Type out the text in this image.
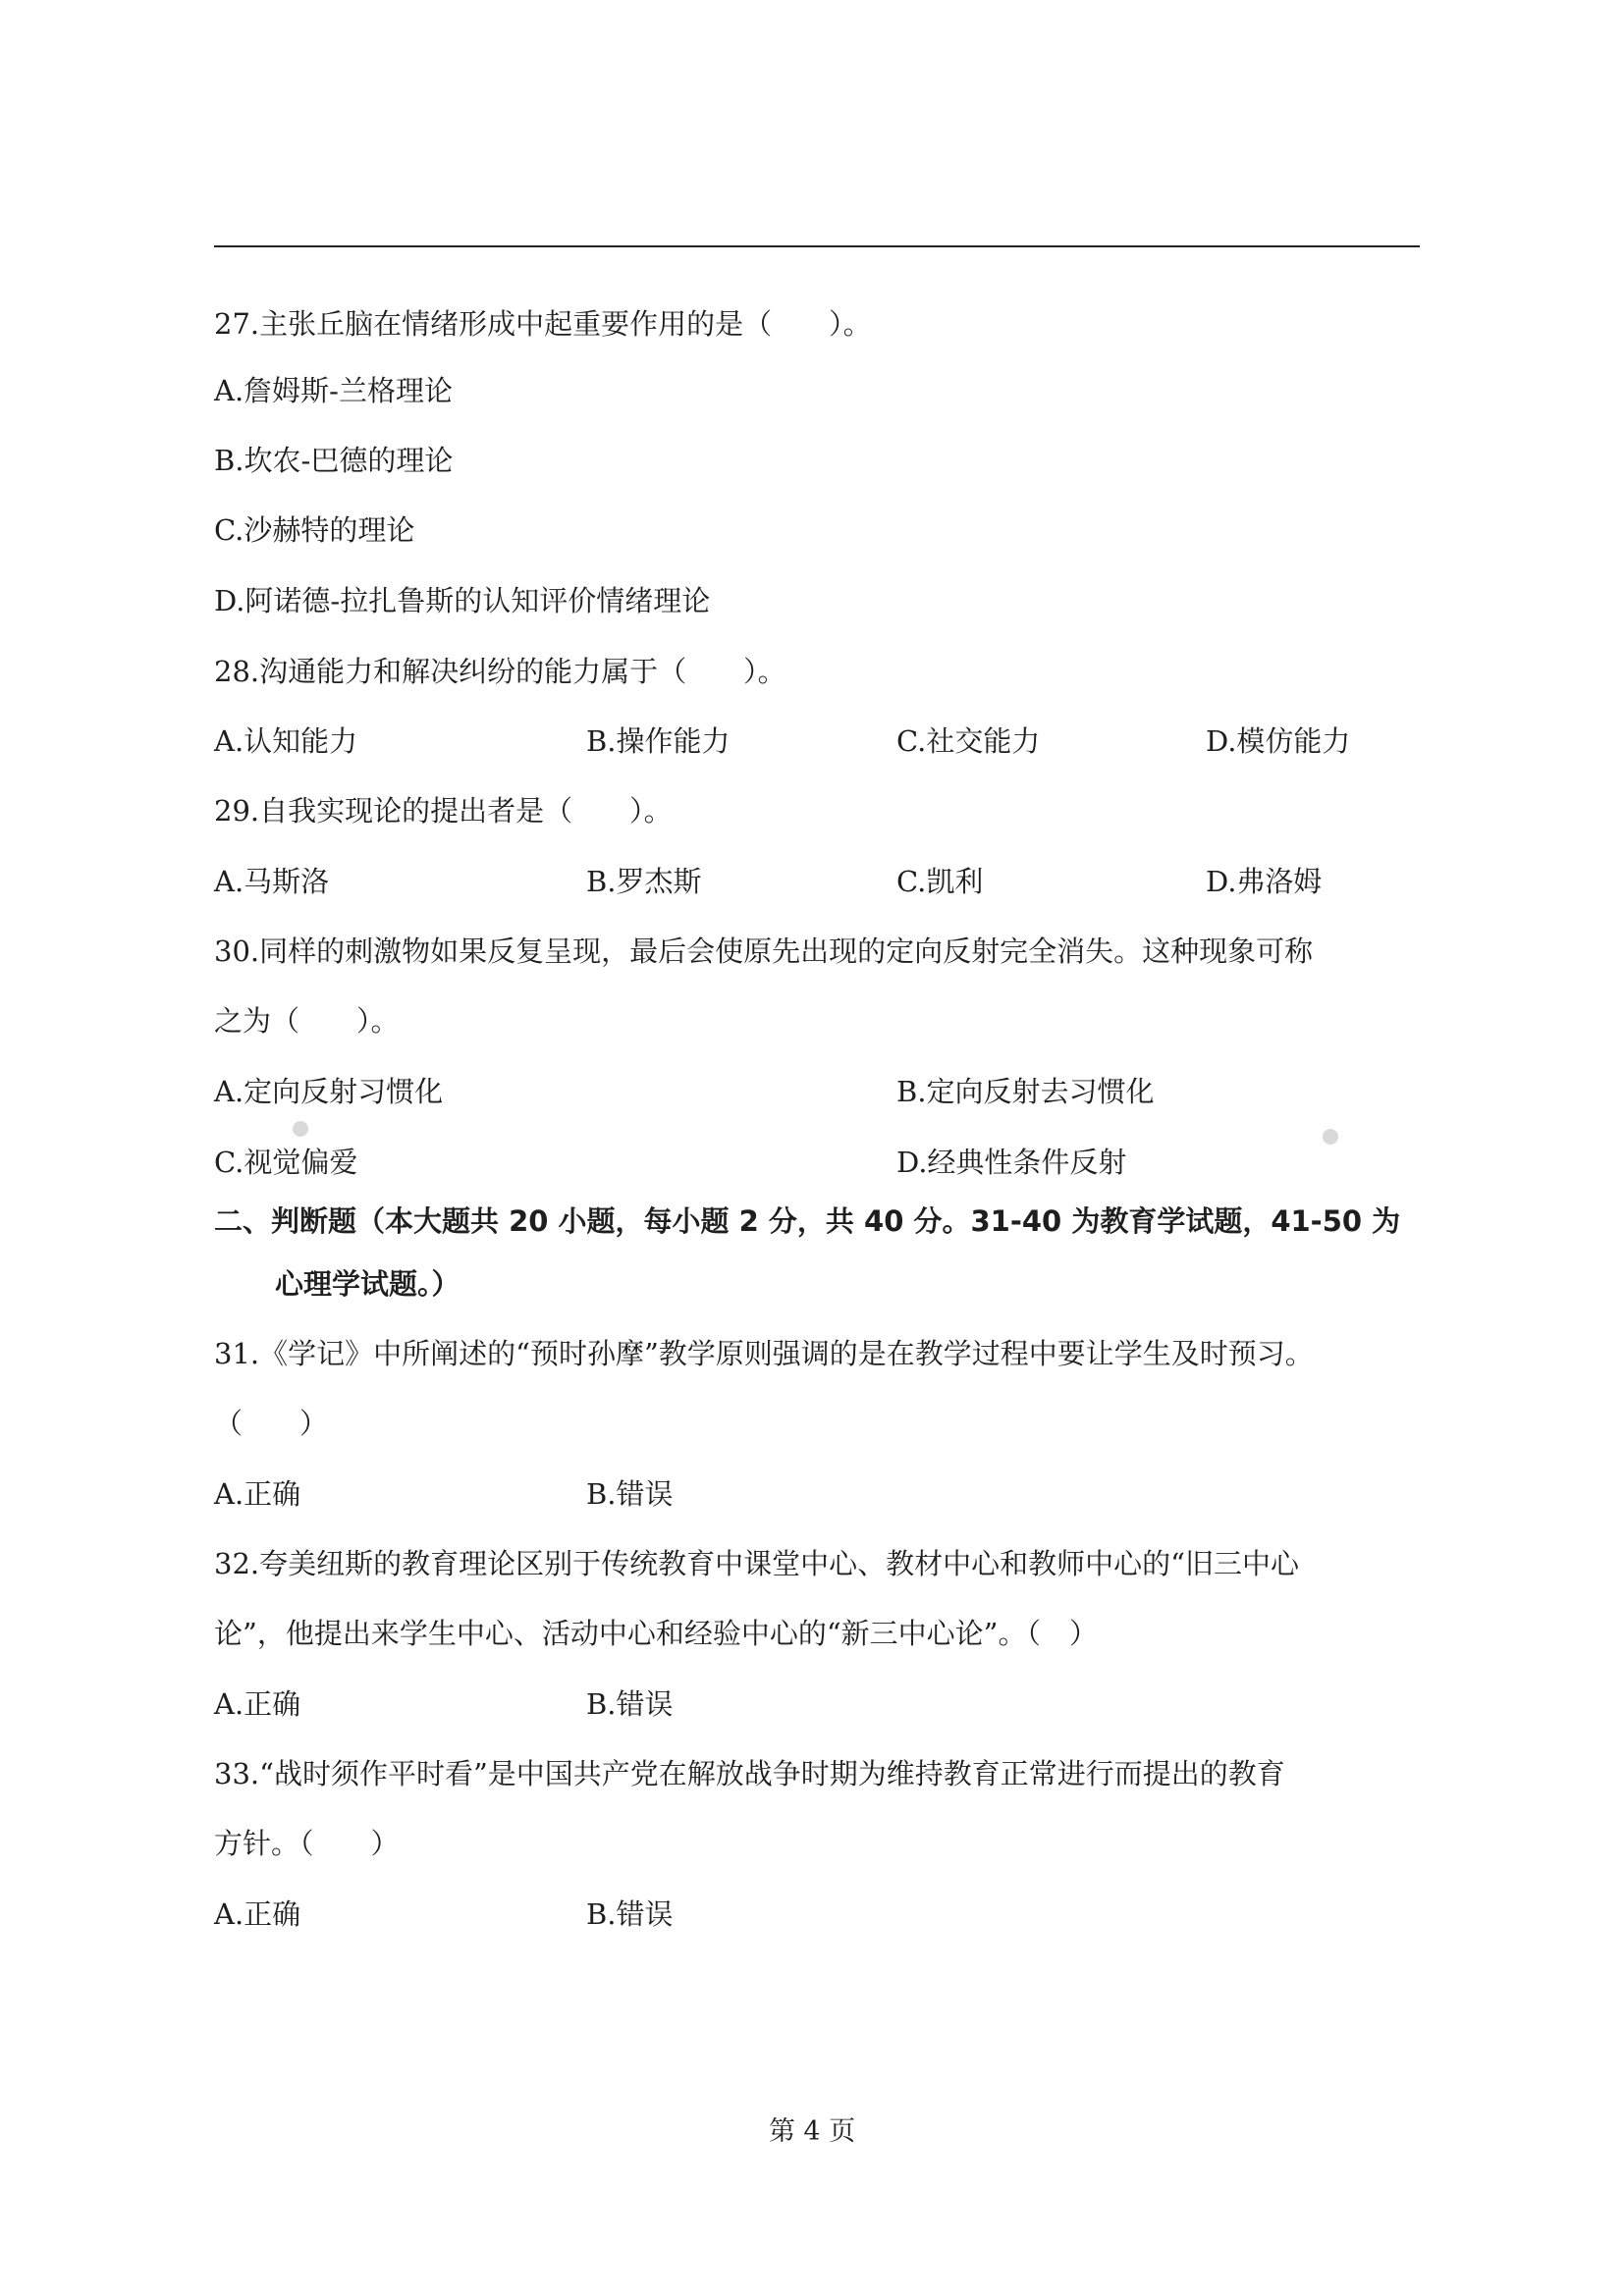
27.主张丘脑在情绪形成中起重要作用的是（　　）。
A.詹姆斯-兰格理论
B.坎农-巴德的理论
C.沙赫特的理论
D.阿诺德-拉扎鲁斯的认知评价情绪理论
28.沟通能力和解决纠纷的能力属于（　　）。
A.认知能力	B.操作能力	C.社交能力	D.模仿能力
29.自我实现论的提出者是（　　）。
A.马斯洛	B.罗杰斯	C.凯利	D.弗洛姆
30.同样的刺激物如果反复呈现，最后会使原先出现的定向反射完全消失。这种现象可称
之为（　　）。
A.定向反射习惯化	B.定向反射去习惯化
C.视觉偏爱	D.经典性条件反射
二、判断题（本大题共 20 小题，每小题 2 分，共 40 分。31-40 为教育学试题，41-50 为
心理学试题。）
31.《学记》中所阐述的“预时孙摩”教学原则强调的是在教学过程中要让学生及时预习。
（　　）
A.正确	B.错误
32.夸美纽斯的教育理论区别于传统教育中课堂中心、教材中心和教师中心的“旧三中心
论”，他提出来学生中心、活动中心和经验中心的“新三中心论”。（　）
A.正确	B.错误
33.“战时须作平时看”是中国共产党在解放战争时期为维持教育正常进行而提出的教育
方针。（　　）
A.正确	B.错误
第 4 页
